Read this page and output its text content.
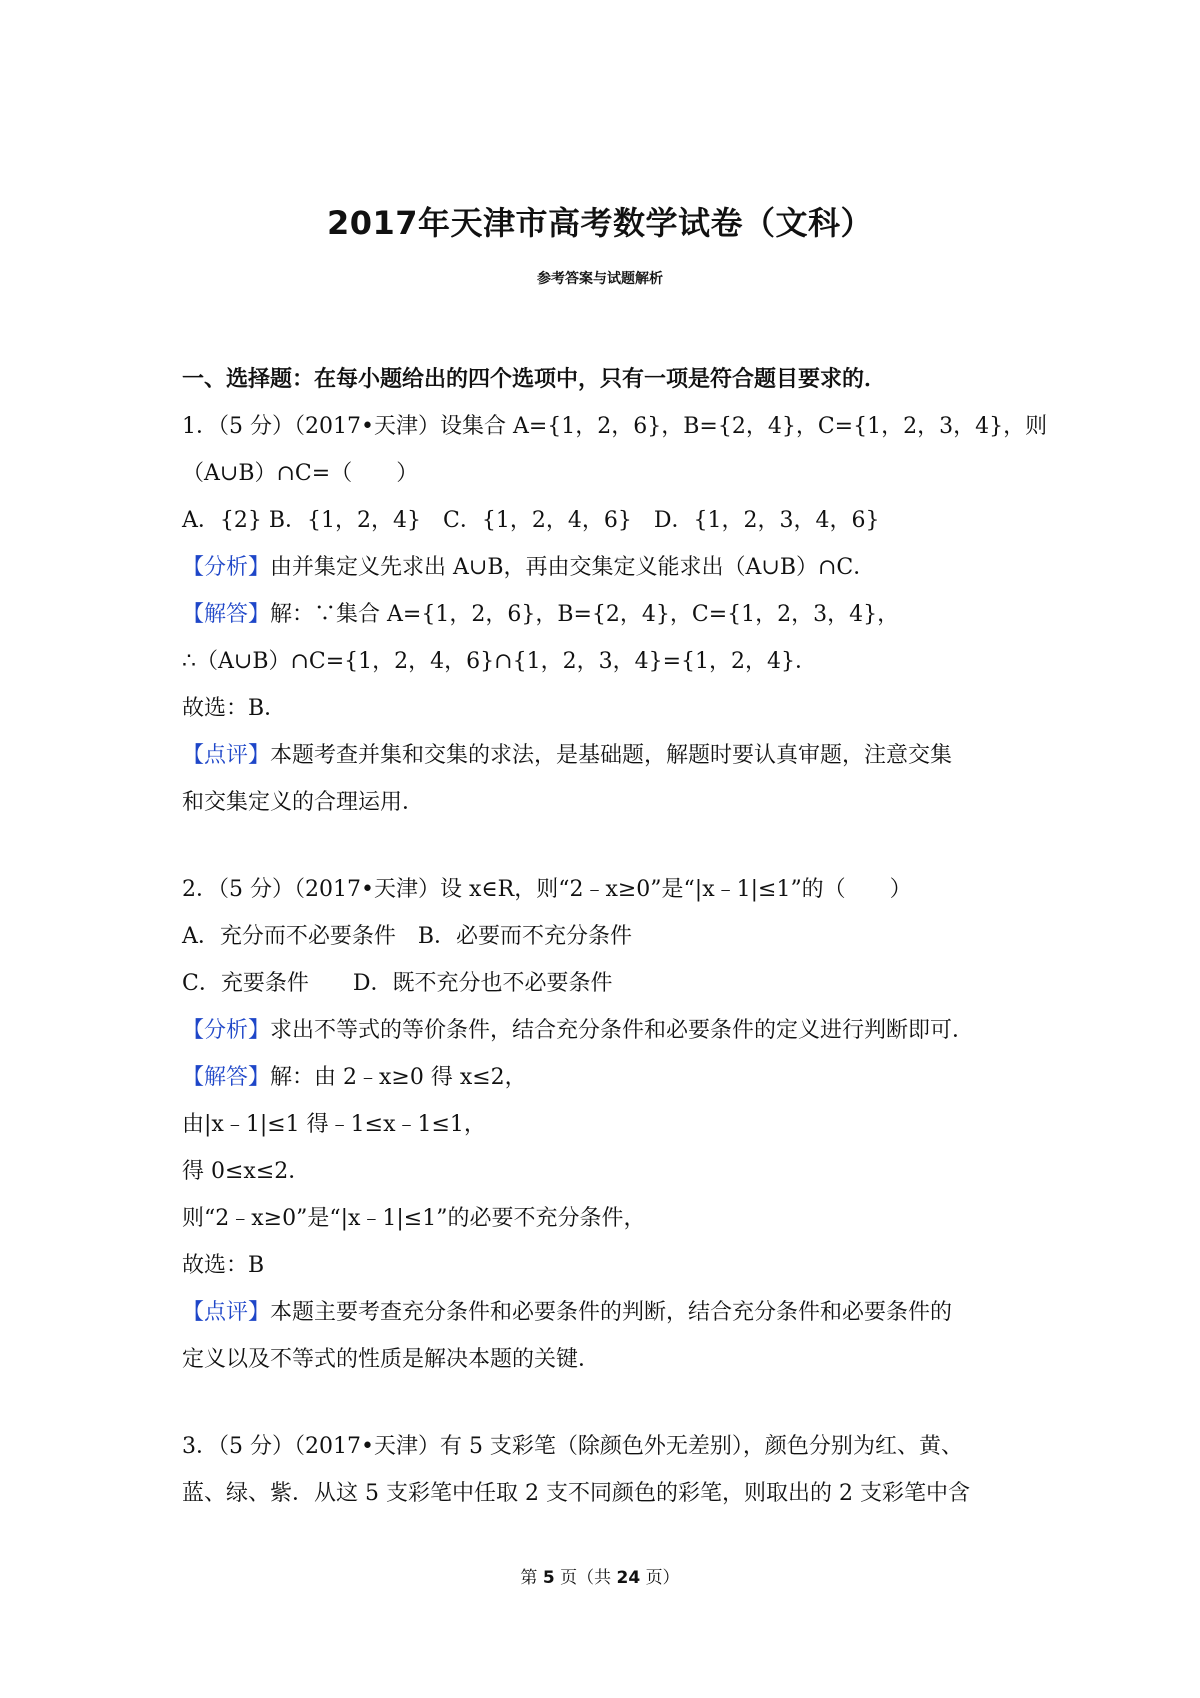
2017年天津市高考数学试卷（文科）
参考答案与试题解析
一、选择题：在每小题给出的四个选项中，只有一项是符合题目要求的．
1．（5 分）（2017•天津）设集合 A={1，2，6}，B={2，4}，C={1，2，3，4}，则
（A∪B）∩C=（　　）
A．{2} B．{1，2，4}　C．{1，2，4，6}　D．{1，2，3，4，6}
【分析】由并集定义先求出 A∪B，再由交集定义能求出（A∪B）∩C．
【解答】解：∵集合 A={1，2，6}，B={2，4}，C={1，2，3，4}，
∴（A∪B）∩C={1，2，4，6}∩{1，2，3，4}={1，2，4}．
故选：B．
【点评】本题考查并集和交集的求法，是基础题，解题时要认真审题，注意交集
和交集定义的合理运用．
2．（5 分）（2017•天津）设 x∈R，则“2﹣x≥0”是“|x﹣1|≤1”的（　　）
A．充分而不必要条件　B．必要而不充分条件
C．充要条件　　D．既不充分也不必要条件
【分析】求出不等式的等价条件，结合充分条件和必要条件的定义进行判断即可．
【解答】解：由 2﹣x≥0 得 x≤2，
由|x﹣1|≤1 得﹣1≤x﹣1≤1，
得 0≤x≤2．
则“2﹣x≥0”是“|x﹣1|≤1”的必要不充分条件，
故选：B
【点评】本题主要考查充分条件和必要条件的判断，结合充分条件和必要条件的
定义以及不等式的性质是解决本题的关键．
3．（5 分）（2017•天津）有 5 支彩笔（除颜色外无差别），颜色分别为红、黄、
蓝、绿、紫．从这 5 支彩笔中任取 2 支不同颜色的彩笔，则取出的 2 支彩笔中含
第 5 页（共 24 页）
